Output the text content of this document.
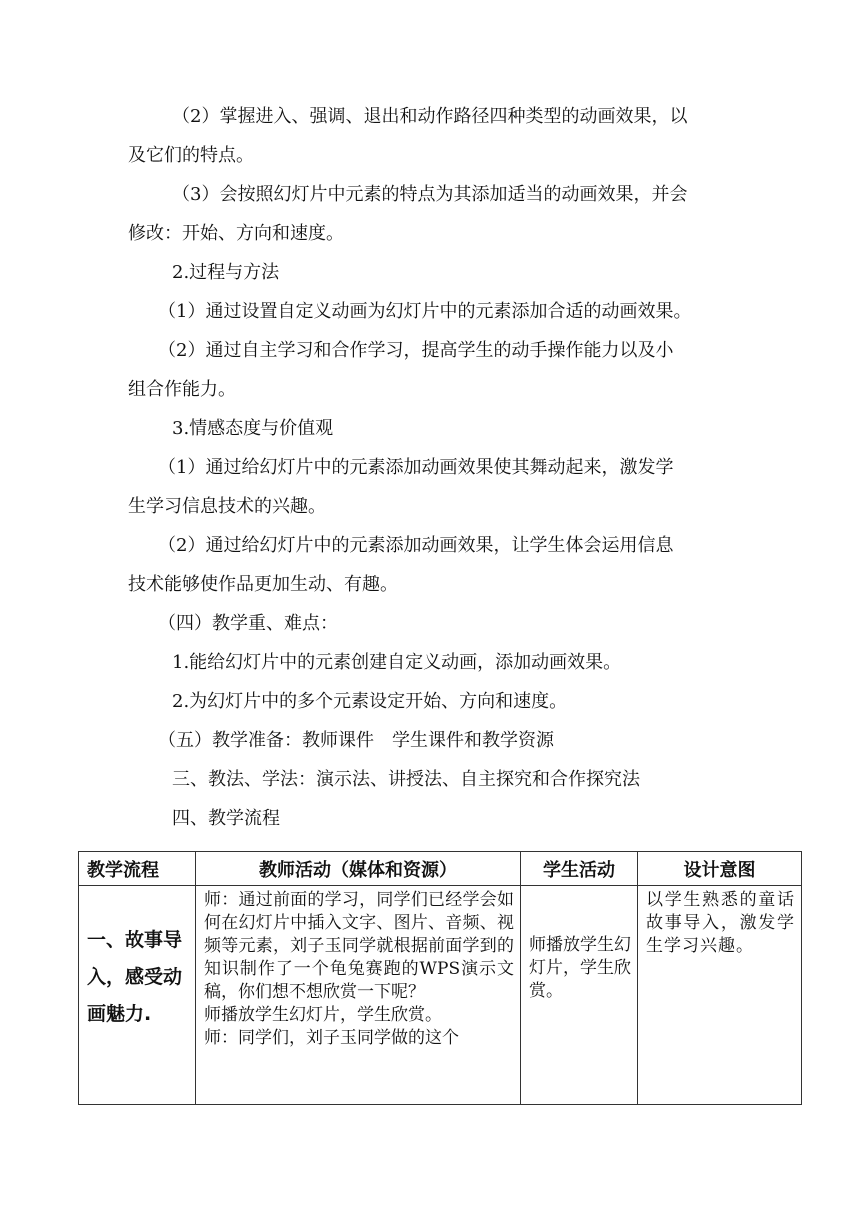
（2）掌握进入、强调、退出和动作路径四种类型的动画效果，以
及它们的特点。
（3）会按照幻灯片中元素的特点为其添加适当的动画效果，并会
修改：开始、方向和速度。
2.过程与方法
（1）通过设置自定义动画为幻灯片中的元素添加合适的动画效果。
（2）通过自主学习和合作学习，提高学生的动手操作能力以及小
组合作能力。
3.情感态度与价值观
（1）通过给幻灯片中的元素添加动画效果使其舞动起来，激发学
生学习信息技术的兴趣。
（2）通过给幻灯片中的元素添加动画效果，让学生体会运用信息
技术能够使作品更加生动、有趣。
（四）教学重、难点：
1.能给幻灯片中的元素创建自定义动画，添加动画效果。
2.为幻灯片中的多个元素设定开始、方向和速度。
（五）教学准备：教师课件　学生课件和教学资源
三、教法、学法：演示法、讲授法、自主探究和合作探究法
四、教学流程
教学流程	教师活动（媒体和资源）	学生活动	设计意图
一、故事导入，感受动画魅力.	师：通过前面的学习，同学们已经学会如何在幻灯片中插入文字、图片、音频、视频等元素，刘子玉同学就根据前面学到的知识制作了一个龟兔赛跑的WPS演示文稿，你们想不想欣赏一下呢？
师播放学生幻灯片，学生欣赏。
师：同学们，刘子玉同学做的这个	师播放学生幻灯片，学生欣赏。	以学生熟悉的童话故事导入，激发学生学习兴趣。
